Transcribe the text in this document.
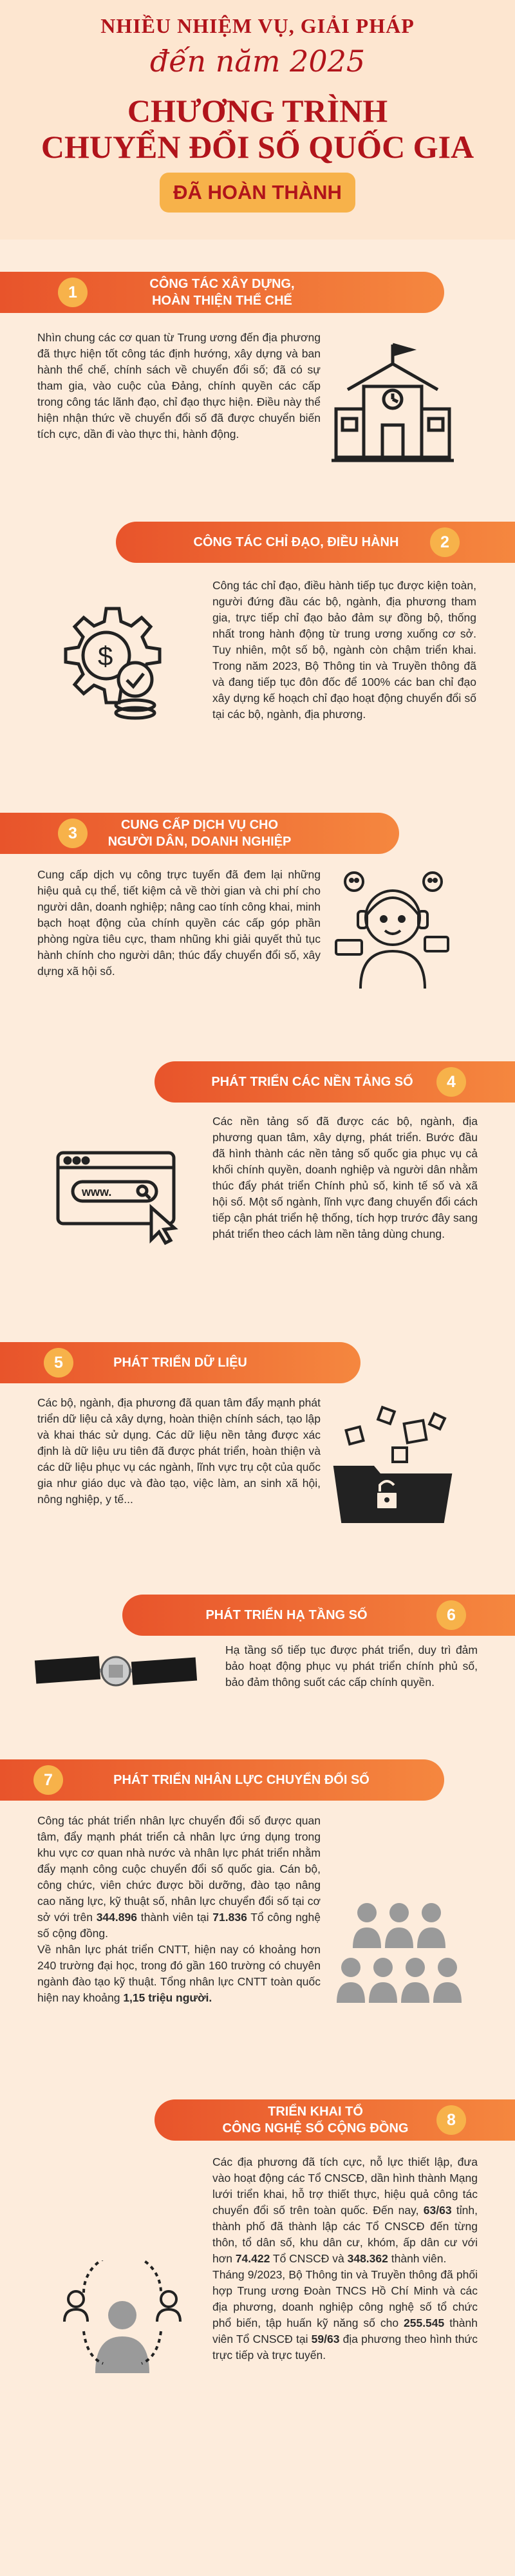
NHIỀU NHIỆM VỤ, GIẢI PHÁP
đến năm 2025
CHƯƠNG TRÌNH
CHUYỂN ĐỔI SỐ QUỐC GIA
ĐÃ HOÀN THÀNH
CÔNG TÁC XÂY DỰNG,
HOÀN THIỆN THỂ CHẾ
1
Nhìn chung các cơ quan từ Trung ương đến địa phương đã thực hiện tốt công tác định hướng, xây dựng và ban hành thể chế, chính sách về chuyển đổi số; đã có sự tham gia, vào cuộc của Đảng, chính quyền các cấp trong công tác lãnh đạo, chỉ đạo thực hiện. Điều này thể hiện nhận thức về chuyển đổi số đã được chuyển biến tích cực, dần đi vào thực thi, hành động.
CÔNG TÁC CHỈ ĐẠO, ĐIỀU HÀNH	2
Công tác chỉ đạo, điều hành tiếp tục được kiện toàn, người đứng đầu các bộ, ngành, địa phương tham gia, trực tiếp chỉ đạo bảo đảm sự đồng bộ, thống nhất trong hành động từ trung ương xuống cơ sở. Tuy nhiên, một số bộ, ngành còn chậm triển khai. Trong năm 2023, Bộ Thông tin và Truyền thông đã và đang tiếp tục đôn đốc để 100% các ban chỉ đạo xây dựng kế hoạch chỉ đạo hoạt động chuyển đổi số tại các bộ, ngành, địa phương.
$
CUNG CẤP DỊCH VỤ CHO
NGƯỜI DÂN, DOANH NGHIỆP
3
Cung cấp dịch vụ công trực tuyến đã đem lại những hiệu quả cụ thể, tiết kiệm cả về thời gian và chi phí cho người dân, doanh nghiệp; nâng cao tính công khai, minh bạch hoạt động của chính quyền các cấp góp phần phòng ngừa tiêu cực, tham nhũng khi giải quyết thủ tục hành chính cho người dân; thúc đẩy chuyển đổi số, xây dựng xã hội số.
PHÁT TRIỂN CÁC NỀN TẢNG SỐ	4
Các nền tảng số đã được các bộ, ngành, địa phương quan tâm, xây dựng, phát triển. Bước đầu đã hình thành các nền tảng số quốc gia phục vụ cả khối chính quyền, doanh nghiệp và người dân nhằm thúc đẩy phát triển Chính phủ số, kinh tế số và xã hội số. Một số ngành, lĩnh vực đang chuyển đổi cách tiếp cận phát triển hệ thống, tích hợp trước đây sang phát triển theo cách làm nền tảng dùng chung.
www.
PHÁT TRIỂN DỮ LIỆU
5
Các bộ, ngành, địa phương đã quan tâm đẩy mạnh phát triển dữ liệu cả xây dựng, hoàn thiện chính sách, tạo lập và khai thác sử dụng. Các dữ liệu nền tảng được xác định là dữ liệu ưu tiên đã được phát triển, hoàn thiện và các dữ liệu phục vụ các ngành, lĩnh vực trụ cột của quốc gia như giáo dục và đào tạo, việc làm, an sinh xã hội, nông nghiệp, y tế...
PHÁT TRIỂN HẠ TẦNG SỐ	6
Hạ tầng số tiếp tục được phát triển, duy trì đảm bảo hoạt động phục vụ phát triển chính phủ số, bảo đảm thông suốt các cấp chính quyền.
PHÁT TRIỂN NHÂN LỰC CHUYỂN ĐỔI SỐ
7
Công tác phát triển nhân lực chuyển đổi số được quan tâm, đẩy mạnh phát triển cả nhân lực ứng dụng trong khu vực cơ quan nhà nước và nhân lực phát triển nhằm đẩy mạnh công cuộc chuyển đổi số quốc gia. Cán bộ, công chức, viên chức được bồi dưỡng, đào tạo nâng cao năng lực, kỹ thuật số, nhân lực chuyển đổi số tại cơ sở với trên 344.896 thành viên tại 71.836 Tổ công nghệ số cộng đồng.
Về nhân lực phát triển CNTT, hiện nay có khoảng hơn 240 trường đại học, trong đó gần 160 trường có chuyên ngành đào tạo kỹ thuật. Tổng nhân lực CNTT toàn quốc hiện nay khoảng 1,15 triệu người.
TRIỂN KHAI TỔ
CÔNG NGHỆ SỐ CỘNG ĐỒNG	8
Các địa phương đã tích cực, nỗ lực thiết lập, đưa vào hoạt động các Tổ CNSCĐ, dần hình thành Mạng lưới triển khai, hỗ trợ thiết thực, hiệu quả công tác chuyển đổi số trên toàn quốc. Đến nay, 63/63 tỉnh, thành phố đã thành lập các Tổ CNSCĐ đến từng thôn, tổ dân số, khu dân cư, khóm, ấp dân cư với hơn 74.422 Tổ CNSCĐ và 348.362 thành viên.
Tháng 9/2023, Bộ Thông tin và Truyền thông đã phối hợp Trung ương Đoàn TNCS Hồ Chí Minh và các địa phương, doanh nghiệp công nghệ số tổ chức phổ biến, tập huấn kỹ năng số cho 255.545 thành viên Tổ CNSCĐ tại 59/63 địa phương theo hình thức trực tiếp và trực tuyến.
